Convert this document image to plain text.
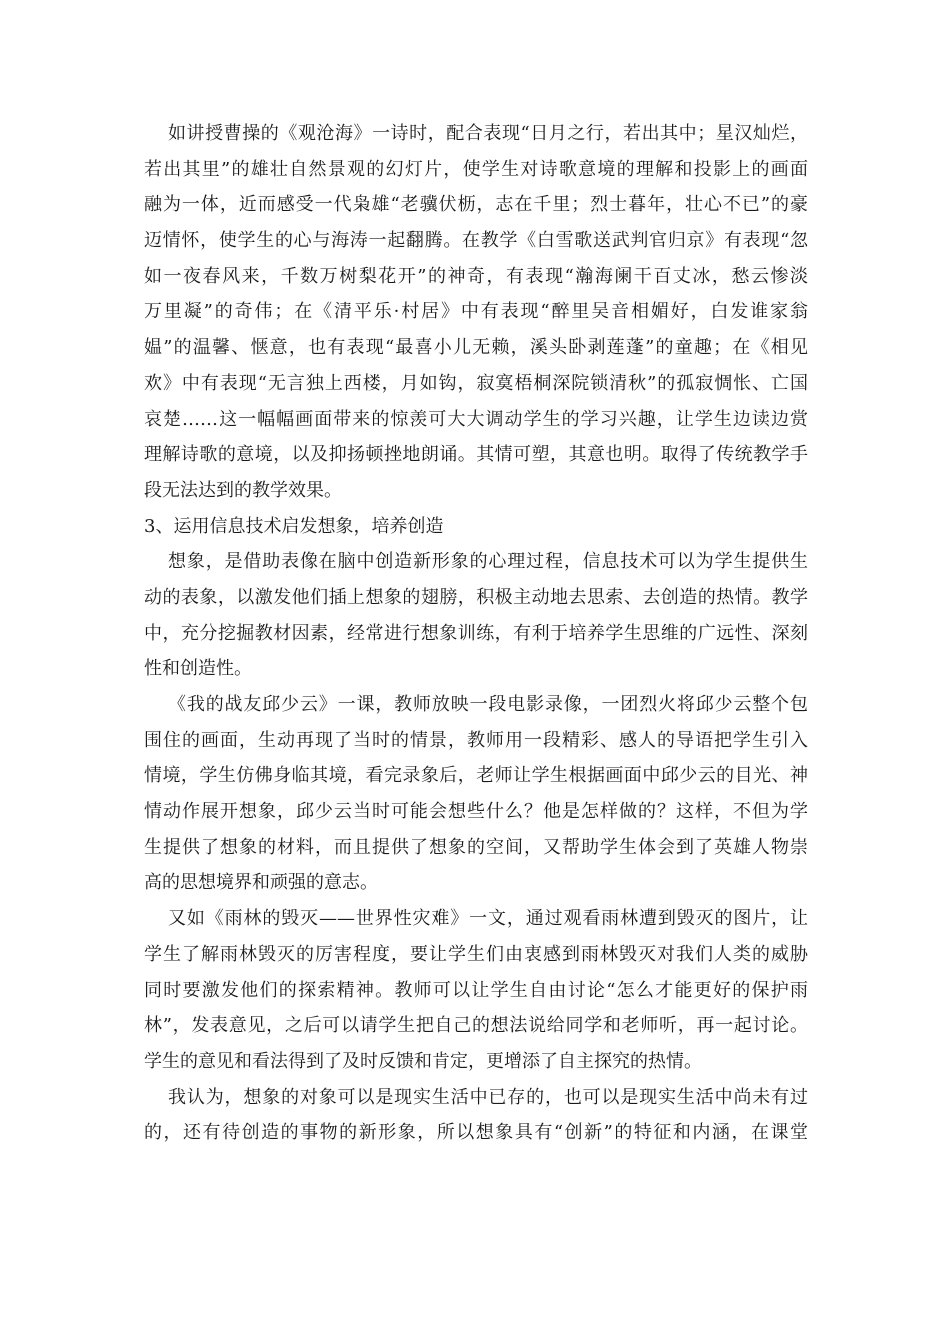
如讲授曹操的《观沧海》一诗时，配合表现“日月之行，若出其中；星汉灿烂，
若出其里”的雄壮自然景观的幻灯片，使学生对诗歌意境的理解和投影上的画面
融为一体，近而感受一代枭雄“老骥伏枥，志在千里；烈士暮年，壮心不已”的豪
迈情怀，使学生的心与海涛一起翻腾。在教学《白雪歌送武判官归京》有表现“忽
如一夜春风来，千数万树梨花开”的神奇，有表现“瀚海阑干百丈冰，愁云惨淡
万里凝”的奇伟；在《清平乐·村居》中有表现“醉里吴音相媚好，白发谁家翁
媪”的温馨、惬意，也有表现“最喜小儿无赖，溪头卧剥莲蓬”的童趣；在《相见
欢》中有表现“无言独上西楼，月如钩，寂寞梧桐深院锁清秋”的孤寂惆怅、亡国
哀楚……这一幅幅画面带来的惊羡可大大调动学生的学习兴趣，让学生边读边赏
理解诗歌的意境，以及抑扬顿挫地朗诵。其情可塑，其意也明。取得了传统教学手
段无法达到的教学效果。
3、运用信息技术启发想象，培养创造
想象，是借助表像在脑中创造新形象的心理过程，信息技术可以为学生提供生
动的表象，以激发他们插上想象的翅膀，积极主动地去思索、去创造的热情。教学
中，充分挖掘教材因素，经常进行想象训练，有利于培养学生思维的广远性、深刻
性和创造性。
《我的战友邱少云》一课，教师放映一段电影录像，一团烈火将邱少云整个包
围住的画面，生动再现了当时的情景，教师用一段精彩、感人的导语把学生引入
情境，学生仿佛身临其境，看完录象后，老师让学生根据画面中邱少云的目光、神
情动作展开想象，邱少云当时可能会想些什么？他是怎样做的？这样，不但为学
生提供了想象的材料，而且提供了想象的空间，又帮助学生体会到了英雄人物崇
高的思想境界和顽强的意志。
又如《雨林的毁灭——世界性灾难》一文，通过观看雨林遭到毁灭的图片，让
学生了解雨林毁灭的厉害程度，要让学生们由衷感到雨林毁灭对我们人类的威胁
同时要激发他们的探索精神。教师可以让学生自由讨论“怎么才能更好的保护雨
林”，发表意见，之后可以请学生把自己的想法说给同学和老师听，再一起讨论。
学生的意见和看法得到了及时反馈和肯定，更增添了自主探究的热情。
我认为，想象的对象可以是现实生活中已存的，也可以是现实生活中尚未有过
的，还有待创造的事物的新形象，所以想象具有“创新”的特征和内涵，在课堂
